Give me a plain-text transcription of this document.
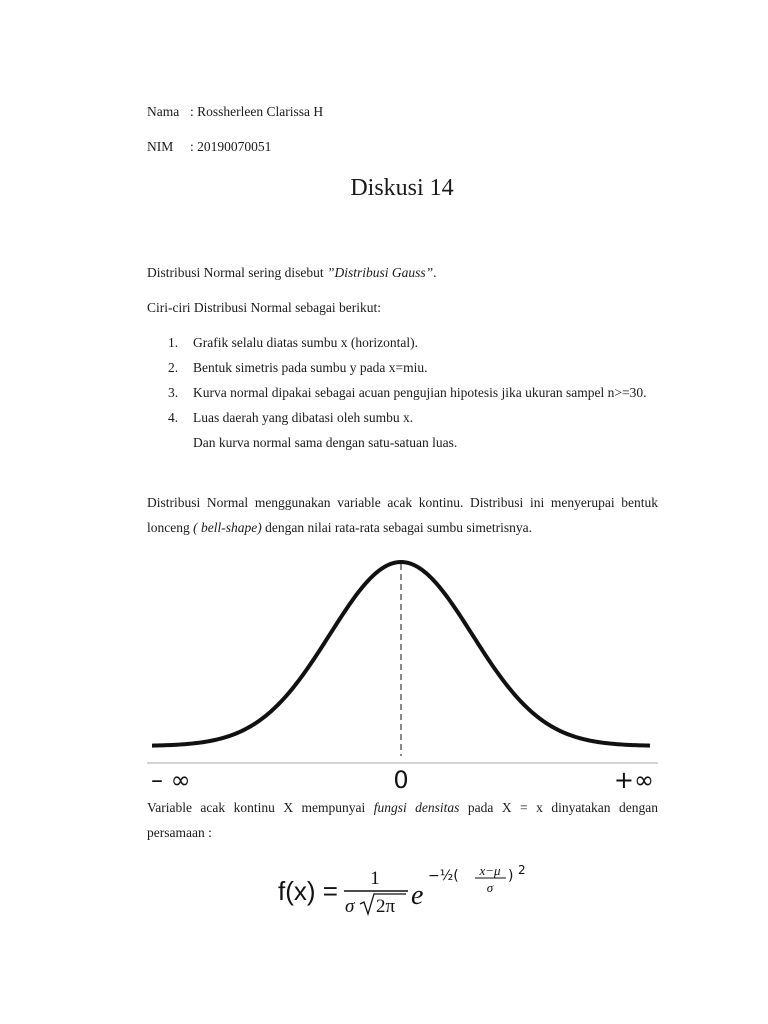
Nama : Rossherleen Clarissa H
NIM : 20190070051
Diskusi 14
Distribusi Normal sering disebut ”Distribusi Gauss”.
Ciri-ciri Distribusi Normal sebagai berikut:
1. Grafik selalu diatas sumbu x (horizontal).
2. Bentuk simetris pada sumbu y pada x=miu.
3. Kurva normal dipakai sebagai acuan pengujian hipotesis jika ukuran sampel n>=30.
4. Luas daerah yang dibatasi oleh sumbu x.
Dan kurva normal sama dengan satu-satuan luas.
Distribusi Normal menggunakan variable acak kontinu. Distribusi ini menyerupai bentuk lonceng ( bell-shape) dengan nilai rata-rata sebagai sumbu simetrisnya.
– ∞	0	+∞
Variable acak kontinu X mempunyai fungsi densitas pada X = x dinyatakan dengan persamaan :
f(x) = 1
σ 2π e
−½( x−μ
σ
) 2
